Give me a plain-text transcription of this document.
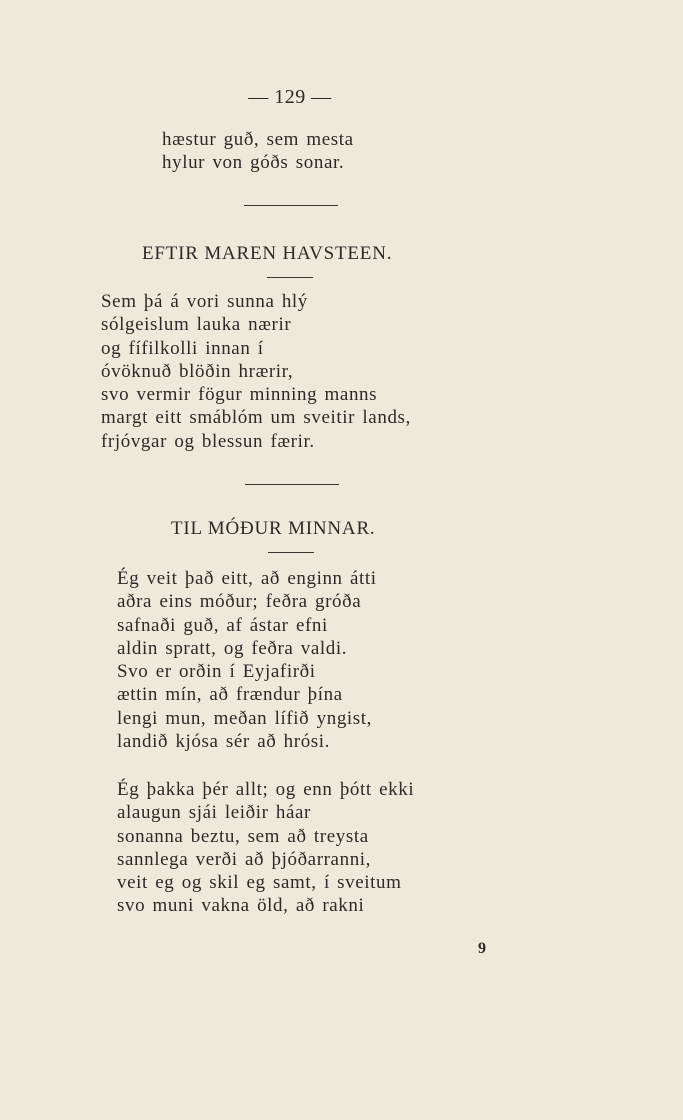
— 129 —
hæstur guð, sem mesta
hylur von góðs sonar.
EFTIR MAREN HAVSTEEN.
Sem þá á vori sunna hlý
sólgeislum lauka nærir
og fífilkolli innan í
óvöknuð blöðin hrærir,
svo vermir fögur minning manns
margt eitt smáblóm um sveitir lands,
frjóvgar og blessun færir.
TIL MÓÐUR MINNAR.
Ég veit það eitt, að enginn átti
aðra eins móður; feðra gróða
safnaði guð, af ástar efni
aldin spratt, og feðra valdi.
Svo er orðin í Eyjafirði
ættin mín, að frændur þína
lengi mun, meðan lífið yngist,
landið kjósa sér að hrósi.
Ég þakka þér allt; og enn þótt ekki
alaugun sjái leiðir háar
sonanna beztu, sem að treysta
sannlega verði að þjóðarranni,
veit eg og skil eg samt, í sveitum
svo muni vakna öld, að rakni
9
